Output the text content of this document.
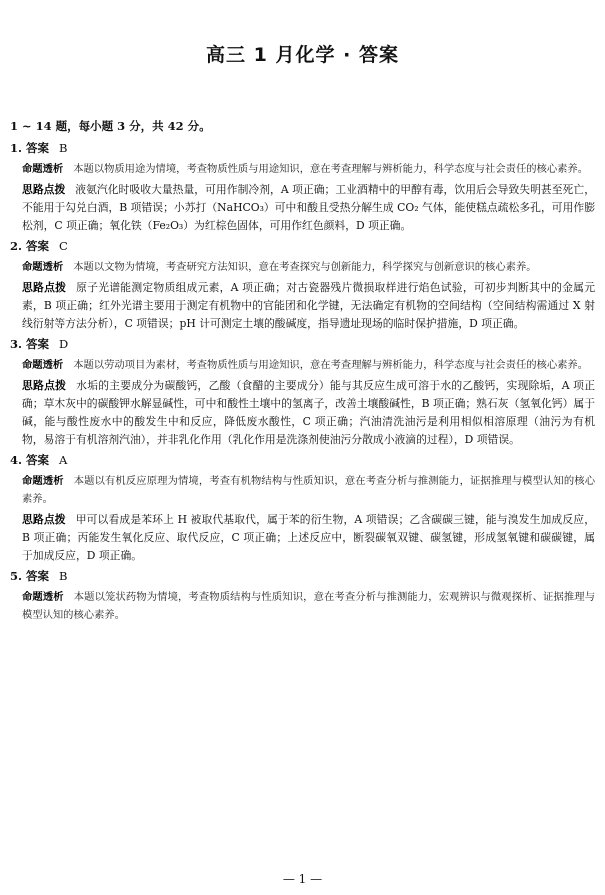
高三 1 月化学 · 答案
1 ~ 14 题，每小题 3 分，共 42 分。
1. 答案 B

命题透析 本题以物质用途为情境，考查物质性质与用途知识，意在考查理解与辨析能力，科学态度与社会责任的核心素养。

思路点拨 液氨汽化时吸收大量热量，可用作制冷剂，A 项正确；工业酒精中的甲醇有毒，饮用后会导致失明甚至死亡，不能用于勾兑白酒，B 项错误；小苏打（NaHCO₃）可中和酸且受热分解生成 CO₂ 气体，能使糕点疏松多孔，可用作膨松剂，C 项正确；氧化铁（Fe₂O₃）为红棕色固体，可用作红色颜料，D 项正确。

2. 答案 C

命题透析 本题以文物为情境，考查研究方法知识，意在考查探究与创新能力，科学探究与创新意识的核心素养。

思路点拨 原子光谱能测定物质组成元素，A 项正确；对古瓷器残片微损取样进行焰色试验，可初步判断其中的金属元素，B 项正确；红外光谱主要用于测定有机物中的官能团和化学键，无法确定有机物的空间结构（空间结构需通过 X 射线衍射等方法分析），C 项错误；pH 计可测定土壤的酸碱度，指导遗址现场的临时保护措施，D 项正确。

3. 答案 D

命题透析 本题以劳动项目为素材，考查物质性质与用途知识，意在考查理解与辨析能力，科学态度与社会责任的核心素养。

思路点拨 水垢的主要成分为碳酸钙，乙酸（食醋的主要成分）能与其反应生成可溶于水的乙酸钙，实现除垢，A 项正确；草木灰中的碳酸钾水解显碱性，可中和酸性土壤中的氢离子，改善土壤酸碱性，B 项正确；熟石灰（氢氧化钙）属于碱，能与酸性废水中的酸发生中和反应，降低废水酸性，C 项正确；汽油清洗油污是利用相似相溶原理（油污为有机物，易溶于有机溶剂汽油），并非乳化作用（乳化作用是洗涤剂使油污分散成小液滴的过程），D 项错误。

4. 答案 A

命题透析 本题以有机反应原理为情境，考查有机物结构与性质知识，意在考查分析与推测能力，证据推理与模型认知的核心素养。

思路点拨 甲可以看成是苯环上 H 被取代基取代，属于苯的衍生物，A 项错误；乙含碳碳三键，能与溴发生加成反应，B 项正确；丙能发生氧化反应、取代反应，C 项正确；上述反应中，断裂碳氧双键、碳氢键，形成氢氧键和碳碳键，属于加成反应，D 项正确。

5. 答案 B

命题透析 本题以笼状药物为情境，考查物质结构与性质知识，意在考查分析与推测能力，宏观辨识与微观探析、证据推理与模型认知的核心素养。

— 1 —
